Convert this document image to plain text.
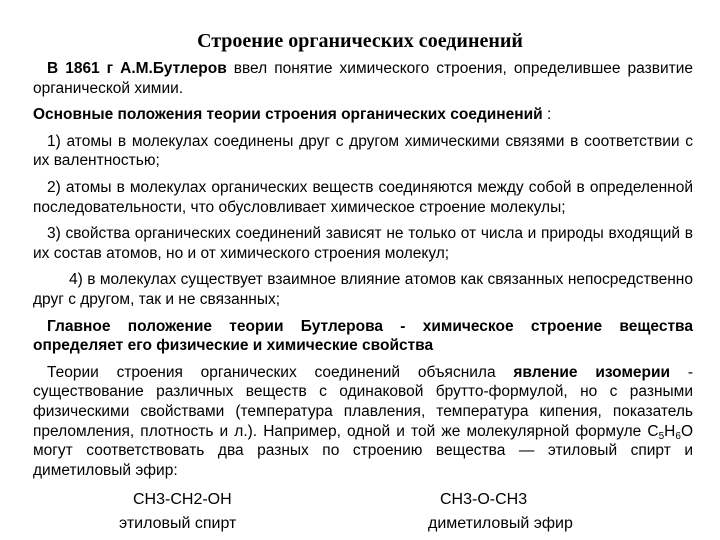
Строение органических соединений

В 1861 г А.М.Бутлеров ввел понятие химического строения, определившее развитие органической химии.

Основные положения теории строения органических соединений :

1) атомы в молекулах соединены друг с другом химическими связями в соответствии с их валентностью;

2) атомы в молекулах органических веществ соединяются между собой в определенной последовательности, что обусловливает химическое строение молекулы;

3) свойства органических соединений зависят не только от числа и природы входящий в их состав атомов, но и от химического строения молекул;

4) в молекулах существует взаимное влияние атомов как связанных непосредственно друг с другом, так и не связанных;

Главное положение теории Бутлерова - химическое строение вещества определяет его физические и химические свойства

Теории строения органических соединений объяснила явление изомерии - существование различных веществ с одинаковой брутто-формулой, но с разными физическими свойствами (температура плавления, температура кипения, показатель преломления, плотность и л.). Например, одной и той же молекулярной формуле $C_5H_6O$ могут соответствовать два разных по строению вещества — этиловый спирт и диметиловый эфир:

CH3-CH2-OH	CH3-O-CH3
этиловый спирт	диметиловый эфир
